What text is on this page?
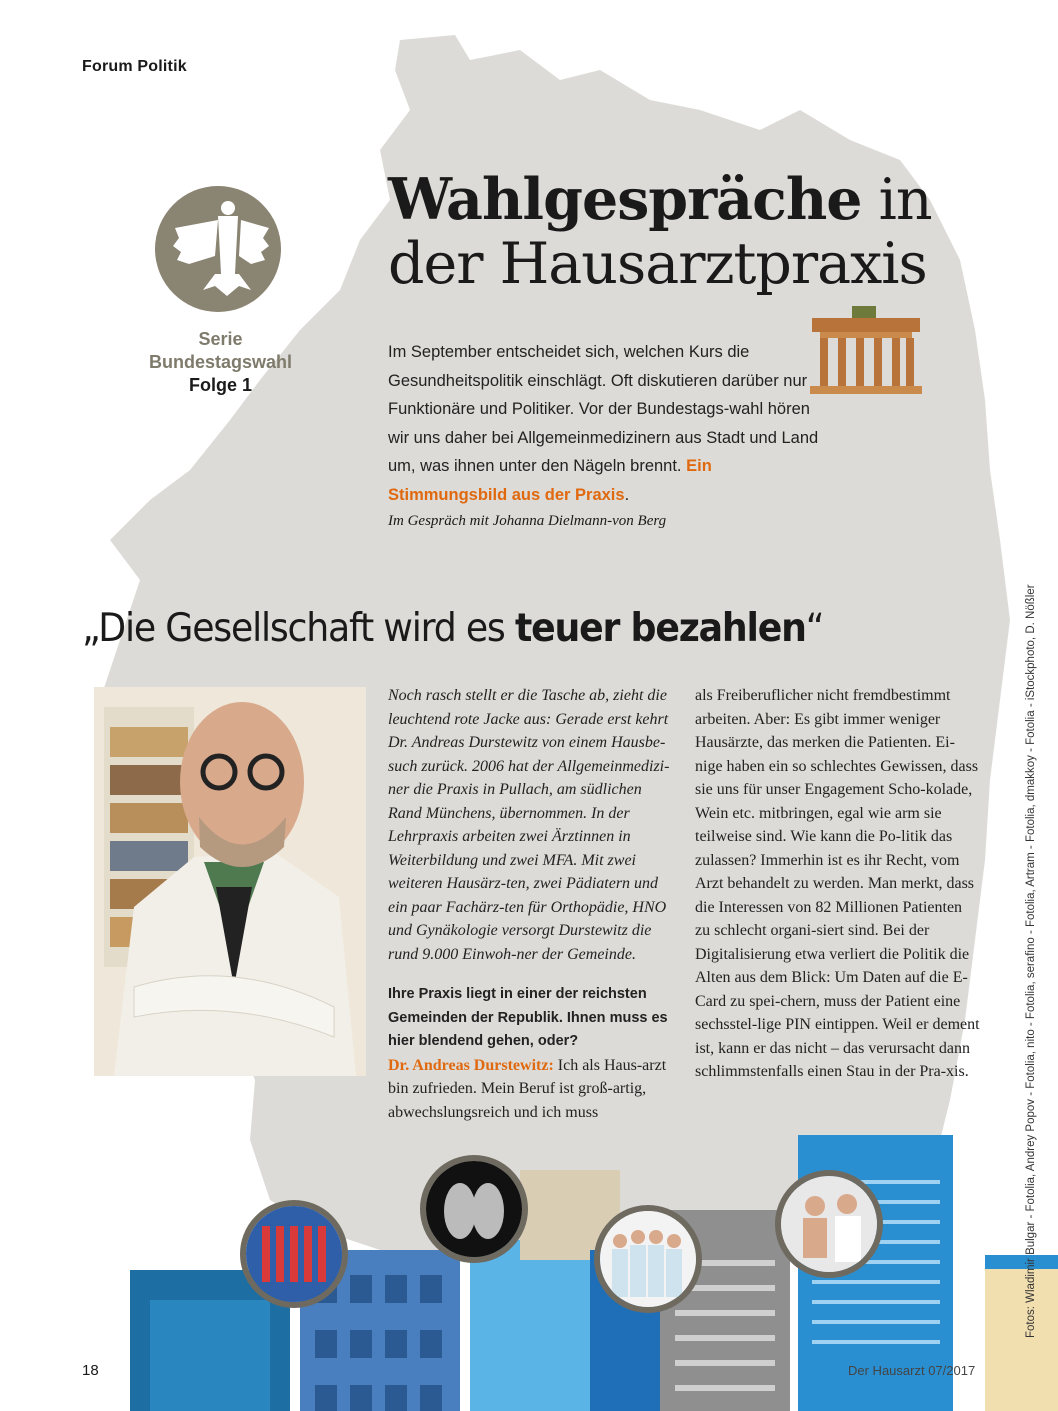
Forum Politik
Serie
Bundestagswahl
Folge 1
Wahlgespräche in
der Hausarztpraxis
Im September entscheidet sich, welchen Kurs die Gesundheitspolitik einschlägt. Oft diskutieren darüber nur Funktionäre und Politiker. Vor der Bundestags-wahl hören wir uns daher bei Allgemeinmedizinern aus Stadt und Land um, was ihnen unter den Nägeln brennt. Ein Stimmungsbild aus der Praxis.
Im Gespräch mit Johanna Dielmann-von Berg
„Die Gesellschaft wird es teuer bezahlen“

Noch rasch stellt er die Tasche ab, zieht die leuchtend rote Jacke aus: Gerade erst kehrt Dr. Andreas Durstewitz von einem Hausbe-such zurück. 2006 hat der Allgemeinmedizi-ner die Praxis in Pullach, am südlichen Rand Münchens, übernommen. In der Lehrpraxis arbeiten zwei Ärztinnen in Weiterbildung und zwei MFA. Mit zwei weiteren Hausärz-ten, zwei Pädiatern und ein paar Fachärz-ten für Orthopädie, HNO und Gynäkologie versorgt Durstewitz die rund 9.000 Einwoh-ner der Gemeinde.

Ihre Praxis liegt in einer der reichsten Gemeinden der Republik. Ihnen muss es hier blendend gehen, oder?

Dr. Andreas Durstewitz: Ich als Haus-arzt bin zufrieden. Mein Beruf ist groß-artig, abwechslungsreich und ich muss

als Freiberuflicher nicht fremdbestimmt arbeiten. Aber: Es gibt immer weniger Hausärzte, das merken die Patienten. Ei-nige haben ein so schlechtes Gewissen, dass sie uns für unser Engagement Scho-kolade, Wein etc. mitbringen, egal wie arm sie teilweise sind. Wie kann die Po-litik das zulassen? Immerhin ist es ihr Recht, vom Arzt behandelt zu werden. Man merkt, dass die Interessen von 82 Millionen Patienten zu schlecht organi-siert sind. Bei der Digitalisierung etwa verliert die Politik die Alten aus dem Blick: Um Daten auf die E-Card zu spei-chern, muss der Patient eine sechsstel-lige PIN eintippen. Weil er dement ist, kann er das nicht – das verursacht dann schlimmstenfalls einen Stau in der Pra-xis.	Fotos: Wladimir Bulgar - Fotolia, Andrey Popov - Fotolia, nito - Fotolia, serafino - Fotolia, Artram - Fotolia, dmakkoy - Fotolia - iStockphoto, D. Nößler
18	Der Hausarzt 07/2017
